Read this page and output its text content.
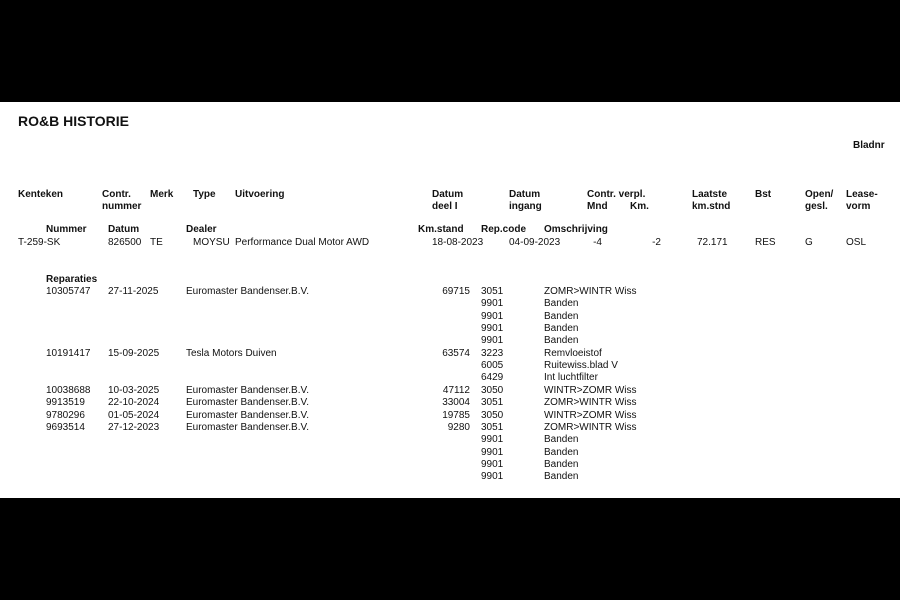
RO&B HISTORIE
Bladnr
Kenteken	Contr.
nummer
Merk Type Uitvoering	Datum
deel I
Datum
ingang
Contr. verpl.
Mnd Km.
Laatste
km.stnd
Bst	Open/
gesl.
Lease-
vorm
Nummer Datum	Dealer	Km.stand Rep.code Omschrijving
T-259-SK	826500 TE	MOYSU Performance Dual Motor AWD	18-08-2023	04-09-2023	-4	-2	72.171	RES	G	OSL
Reparaties
10305747 27-11-2025	Euromaster Bandenser.B.V.	69715 3051	ZOMR>WINTR Wiss
9901	Banden
9901	Banden
9901	Banden
9901	Banden
10191417 15-09-2025	Tesla Motors Duiven	63574 3223	Remvloeistof
6005	Ruitewiss.blad V
6429	Int luchtfilter
10038688 10-03-2025	Euromaster Bandenser.B.V.	47112 3050	WINTR>ZOMR Wiss
9913519 22-10-2024	Euromaster Bandenser.B.V.	33004 3051	ZOMR>WINTR Wiss
9780296 01-05-2024	Euromaster Bandenser.B.V.	19785 3050	WINTR>ZOMR Wiss
9693514 27-12-2023	Euromaster Bandenser.B.V.	9280 3051	ZOMR>WINTR Wiss
9901	Banden
9901	Banden
9901	Banden
9901	Banden
